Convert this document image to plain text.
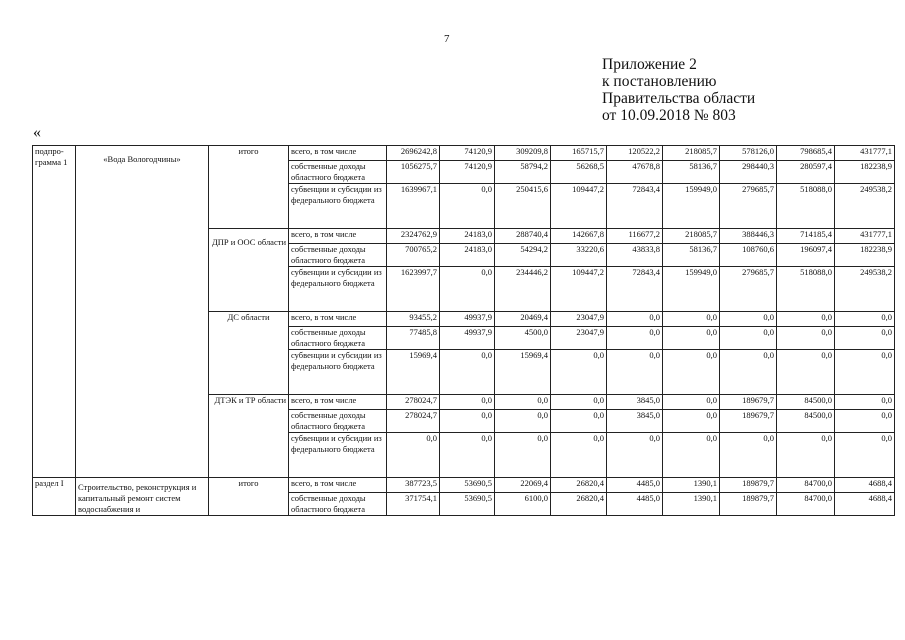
7
Приложение 2
к постановлению
Правительства области
от 10.09.2018 № 803
«
подпро-
грамма 1	«Вода Вологодчины»	итого	всего, в том числе	2696242,8	74120,9	309209,8	165715,7	120522,2	218085,7	578126,0	798685,4	431777,1
			собственные доходы областного бюджета	1056275,7	74120,9	58794,2	56268,5	47678,8	58136,7	298440,3	280597,4	182238,9
			субвенции и субсидии из федерального бюджета	1639967,1	0,0	250415,6	109447,2	72843,4	159949,0	279685,7	518088,0	249538,2

		ДПР и ООС области	всего, в том числе	2324762,9	24183,0	288740,4	142667,8	116677,2	218085,7	388446,3	714185,4	431777,1
			собственные доходы областного бюджета	700765,2	24183,0	54294,2	33220,6	43833,8	58136,7	108760,6	196097,4	182238,9
			субвенции и субсидии из федерального бюджета	1623997,7	0,0	234446,2	109447,2	72843,4	159949,0	279685,7	518088,0	249538,2
		ДС области	всего, в том числе	93455,2	49937,9	20469,4	23047,9	0,0	0,0	0,0	0,0	0,0
			собственные доходы областного бюджета	77485,8	49937,9	4500,0	23047,9	0,0	0,0	0,0	0,0	0,0
			субвенции и субсидии из федерального бюджета	15969,4	0,0	15969,4	0,0	0,0	0,0	0,0	0,0	0,0
		ДТЭК и ТР области	всего, в том числе	278024,7	0,0	0,0	0,0	3845,0	0,0	189679,7	84500,0	0,0
			собственные доходы областного бюджета	278024,7	0,0	0,0	0,0	3845,0	0,0	189679,7	84500,0	0,0
			субвенции и субсидии из федерального бюджета	0,0	0,0	0,0	0,0	0,0	0,0	0,0	0,0	0,0
раздел I	Строительство, реконструкция и капитальный ремонт систем водоснабжения и	итого	всего, в том числе	387723,5	53690,5	22069,4	26820,4	4485,0	1390,1	189879,7	84700,0	4688,4
			собственные доходы областного бюджета	371754,1	53690,5	6100,0	26820,4	4485,0	1390,1	189879,7	84700,0	4688,4
